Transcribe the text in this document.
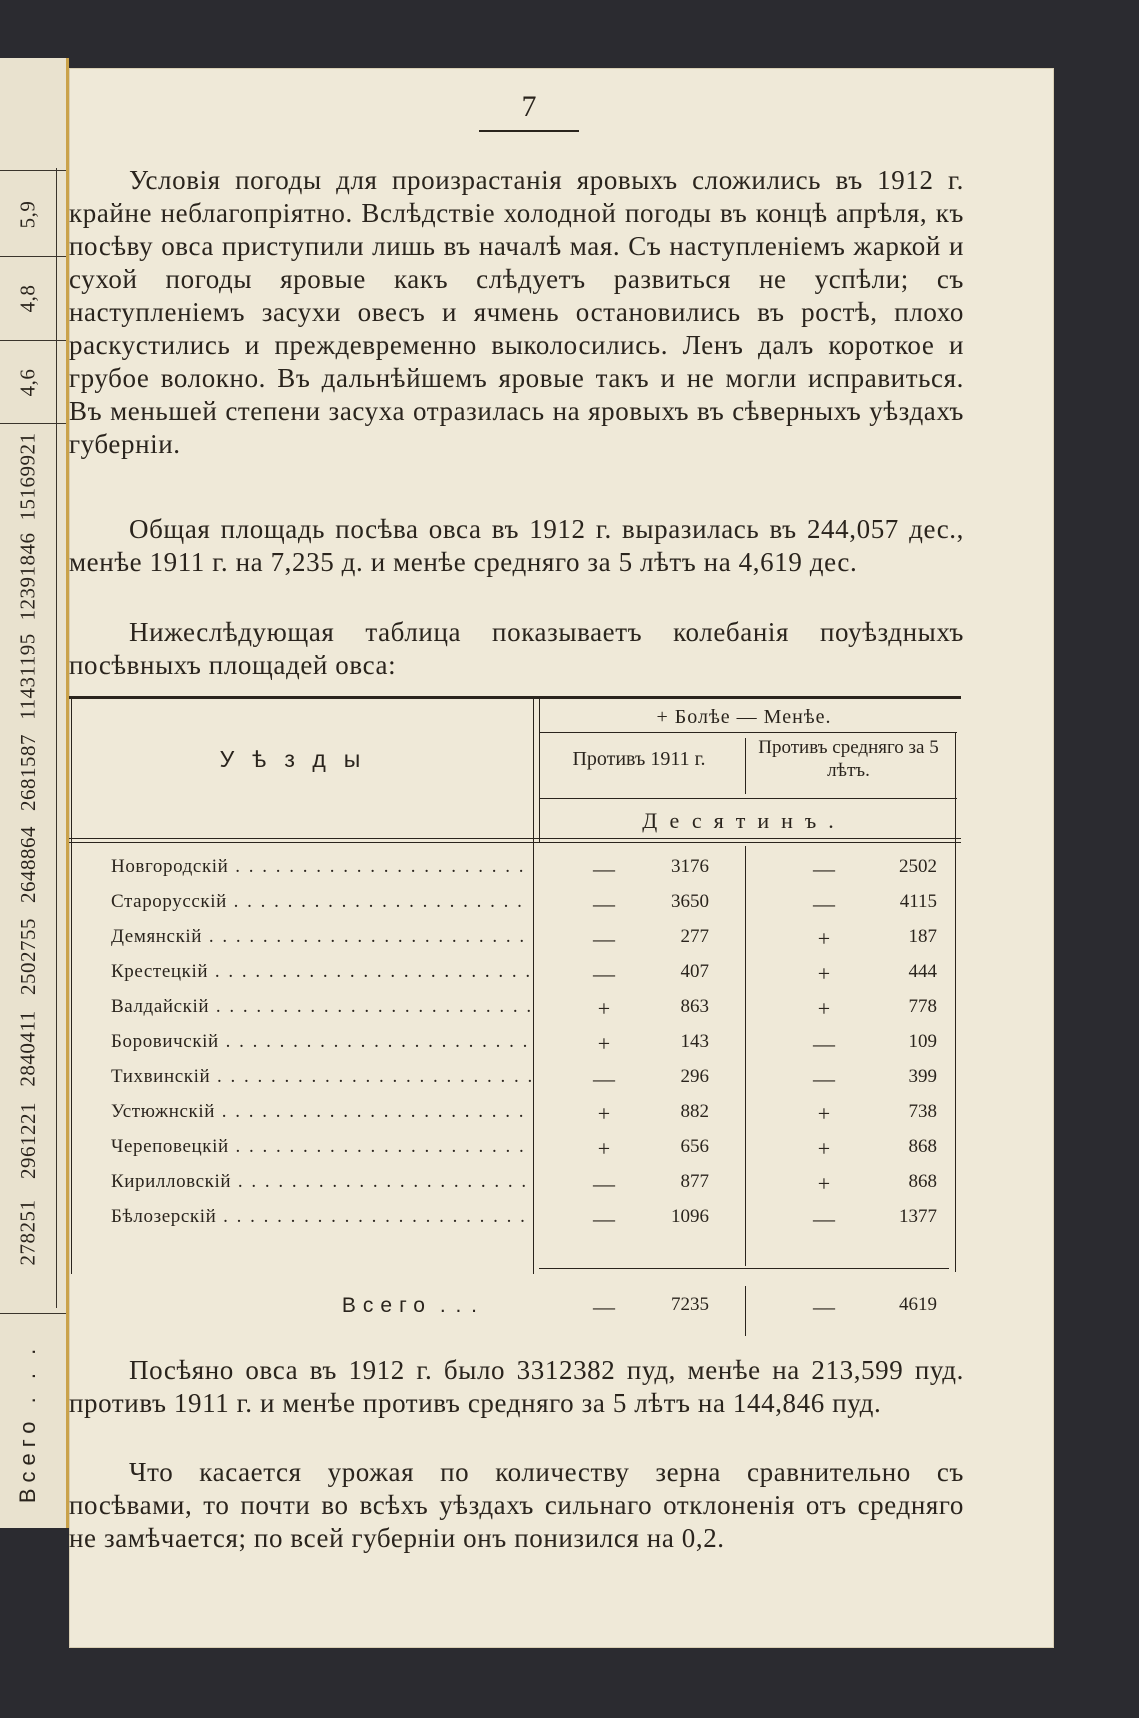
5,9
4,8
4,6
15169921
12391846
11431195
2681587
2648864
2502755
2840411
2961221
278251
Всего . . .
7

Условія погоды для произрастанія яровыхъ сложились въ 1912 г. крайне неблагопріятно. Вслѣдствіе холодной погоды въ концѣ апрѣля, къ посѣву овса приступили лишь въ началѣ мая. Съ наступленіемъ жаркой и сухой погоды яровые какъ слѣдуетъ развиться не успѣли; съ наступленіемъ засухи овесъ и ячмень остановились въ ростѣ, плохо раскустились и преждевременно выколосились. Ленъ далъ короткое и грубое волокно. Въ дальнѣйшемъ яровые такъ и не могли исправиться. Въ меньшей степени засуха отразилась на яровыхъ въ сѣверныхъ уѣздахъ губерніи.

Общая площадь посѣва овса въ 1912 г. выразилась въ 244,057 дес., менѣе 1911 г. на 7,235 д. и менѣе средняго за 5 лѣтъ на 4,619 дес.

Нижеслѣдующая таблица показываетъ колебанія поуѣздныхъ посѣвныхъ площадей овса:

Уѣзды
+ Болѣе — Менѣе.
Противъ 1911 г.
Противъ средняго за 5 лѣтъ.
Десятинъ.
Новгородскій . . .	—	3176	—	2502
Старорусскій . . .	—	3650	—	4115
Демянскій . . .	—	277	+	187
Крестецкій . . .	—	407	+	444
Валдайскій . . .	+	863	+	778
Боровичскій . . .	+	143	—	109
Тихвинскій . . .	—	296	—	399
Устюжнскій . . .	+	882	+	738
Череповецкій . . .	+	656	+	868
Кирилловскій . . .	—	877	+	868
Бѣлозерскій . . .	—	1096	—	1377
Всего . . .	—	7235	—	4619

Посѣяно овса въ 1912 г. было 3312382 пуд, менѣе на 213,599 пуд. противъ 1911 г. и менѣе противъ средняго за 5 лѣтъ на 144,846 пуд.

Что касается урожая по количеству зерна сравнительно съ посѣвами, то почти во всѣхъ уѣздахъ сильнаго отклоненія отъ средняго не замѣчается; по всей губерніи онъ понизился на 0,2.
